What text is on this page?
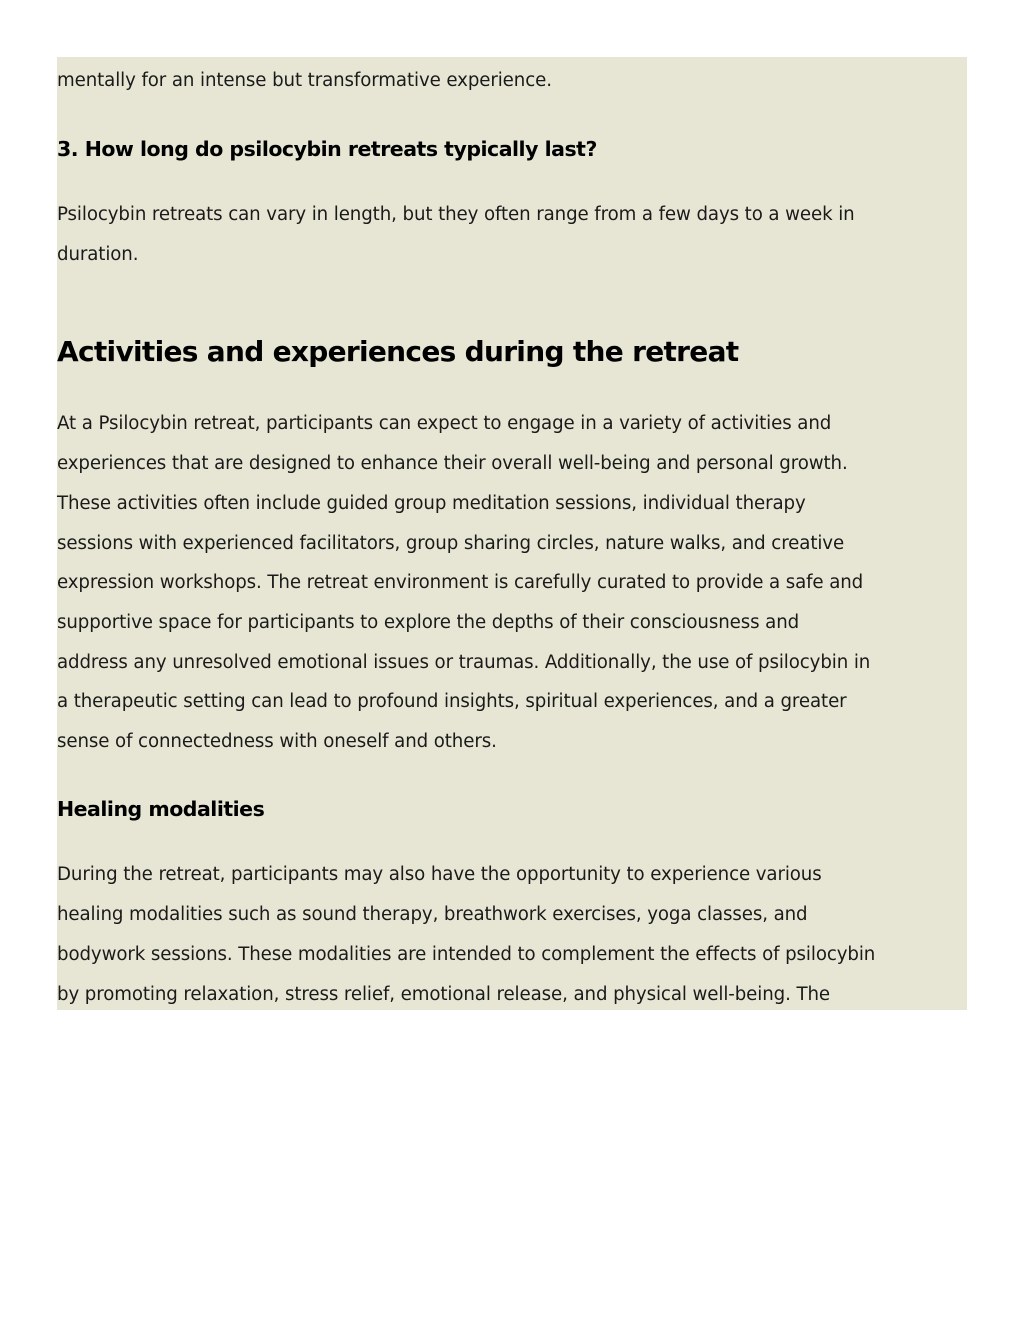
mentally for an intense but transformative experience.

3. How long do psilocybin retreats typically last?

Psilocybin retreats can vary in length, but they often range from a few days to a week in

duration.

Activities and experiences during the retreat

At a Psilocybin retreat, participants can expect to engage in a variety of activities and

experiences that are designed to enhance their overall well-being and personal growth.

These activities often include guided group meditation sessions, individual therapy

sessions with experienced facilitators, group sharing circles, nature walks, and creative

expression workshops. The retreat environment is carefully curated to provide a safe and

supportive space for participants to explore the depths of their consciousness and

address any unresolved emotional issues or traumas. Additionally, the use of psilocybin in

a therapeutic setting can lead to profound insights, spiritual experiences, and a greater

sense of connectedness with oneself and others.

Healing modalities

During the retreat, participants may also have the opportunity to experience various

healing modalities such as sound therapy, breathwork exercises, yoga classes, and

bodywork sessions. These modalities are intended to complement the effects of psilocybin

by promoting relaxation, stress relief, emotional release, and physical well-being. The
